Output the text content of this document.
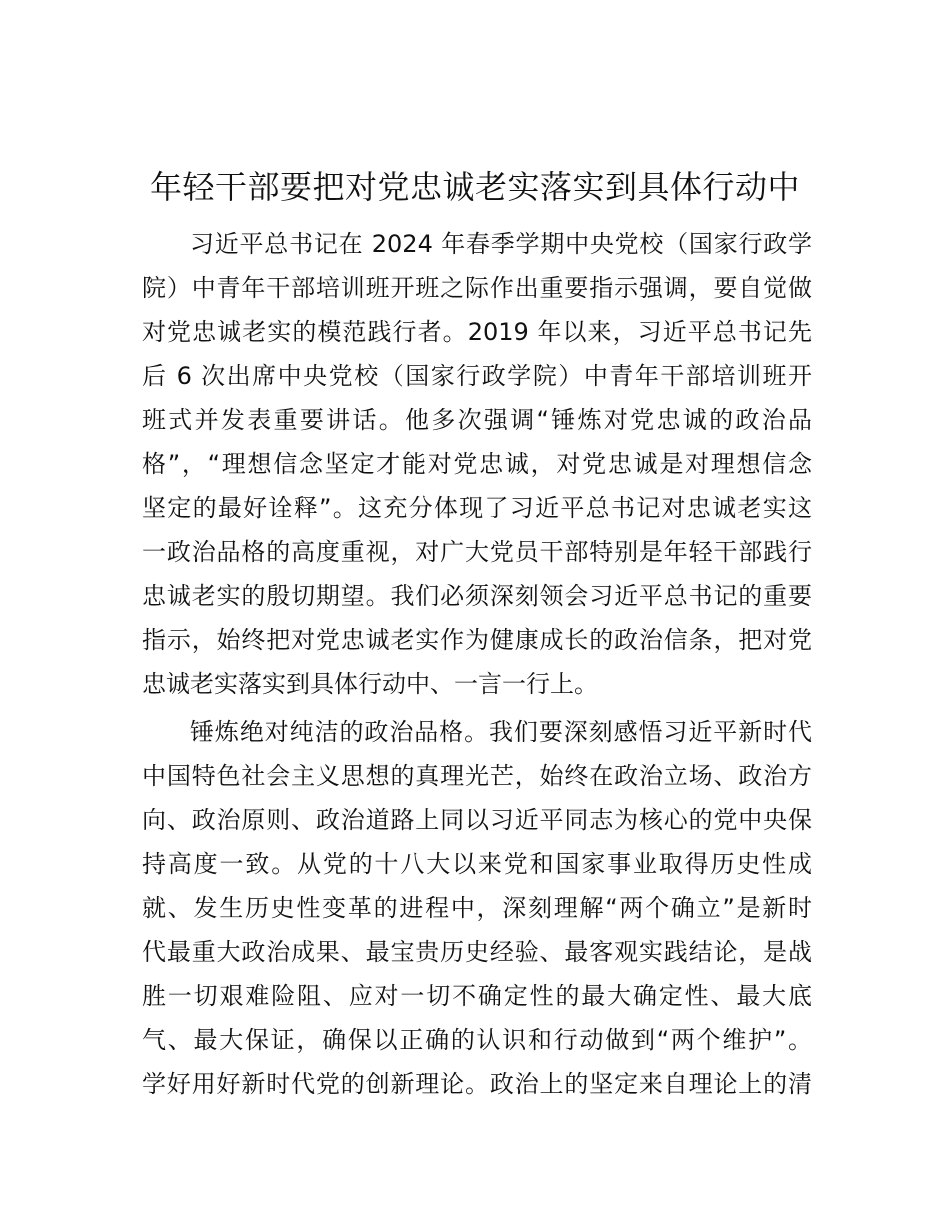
年轻干部要把对党忠诚老实落实到具体行动中
习近平总书记在 2024 年春季学期中央党校（国家行政学
院）中青年干部培训班开班之际作出重要指示强调，要自觉做
对党忠诚老实的模范践行者。2019 年以来，习近平总书记先
后 6 次出席中央党校（国家行政学院）中青年干部培训班开
班式并发表重要讲话。他多次强调“锤炼对党忠诚的政治品
格”，“理想信念坚定才能对党忠诚，对党忠诚是对理想信念
坚定的最好诠释”。这充分体现了习近平总书记对忠诚老实这
一政治品格的高度重视，对广大党员干部特别是年轻干部践行
忠诚老实的殷切期望。我们必须深刻领会习近平总书记的重要
指示，始终把对党忠诚老实作为健康成长的政治信条，把对党
忠诚老实落实到具体行动中、一言一行上。
锤炼绝对纯洁的政治品格。我们要深刻感悟习近平新时代
中国特色社会主义思想的真理光芒，始终在政治立场、政治方
向、政治原则、政治道路上同以习近平同志为核心的党中央保
持高度一致。从党的十八大以来党和国家事业取得历史性成
就、发生历史性变革的进程中，深刻理解“两个确立”是新时
代最重大政治成果、最宝贵历史经验、最客观实践结论，是战
胜一切艰难险阻、应对一切不确定性的最大确定性、最大底
气、最大保证，确保以正确的认识和行动做到“两个维护”。
学好用好新时代党的创新理论。政治上的坚定来自理论上的清
